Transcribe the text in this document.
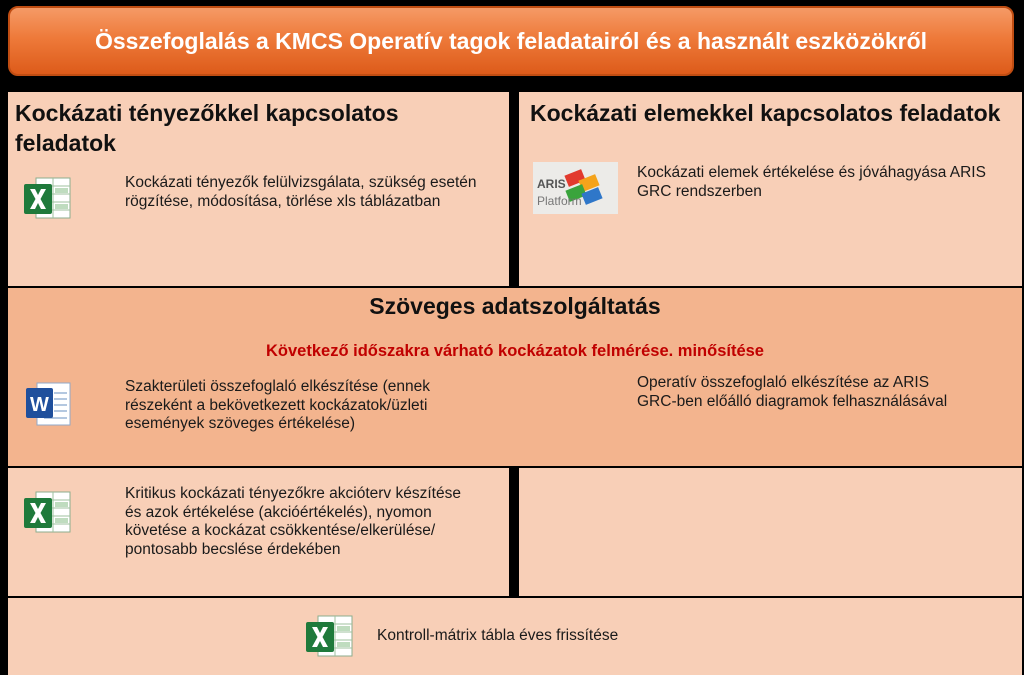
Összefoglalás a KMCS Operatív tagok feladatairól és a használt eszközökről
Kockázati tényezőkkel kapcsolatos feladatok
Kockázati tényezők felülvizsgálata, szükség esetén rögzítése, módosítása, törlése xls táblázatban
Kockázati elemekkel kapcsolatos feladatok
ARIS
Platform
Kockázati elemek értékelése és jóváhagyása ARIS GRC rendszerben
Szöveges adatszolgáltatás
Következő időszakra várható kockázatok felmérése. minősítése
W
Szakterületi összefoglaló elkészítése (ennek részeként a bekövetkezett kockázatok/üzleti események szöveges értékelése)
Operatív összefoglaló elkészítése az ARIS GRC-ben előálló diagramok felhasználásával
Kritikus kockázati tényezőkre akcióterv készítése és azok értékelése (akcióértékelés), nyomon követése a kockázat csökkentése/elkerülése/ pontosabb becslése érdekében
Kontroll-mátrix tábla éves frissítése
